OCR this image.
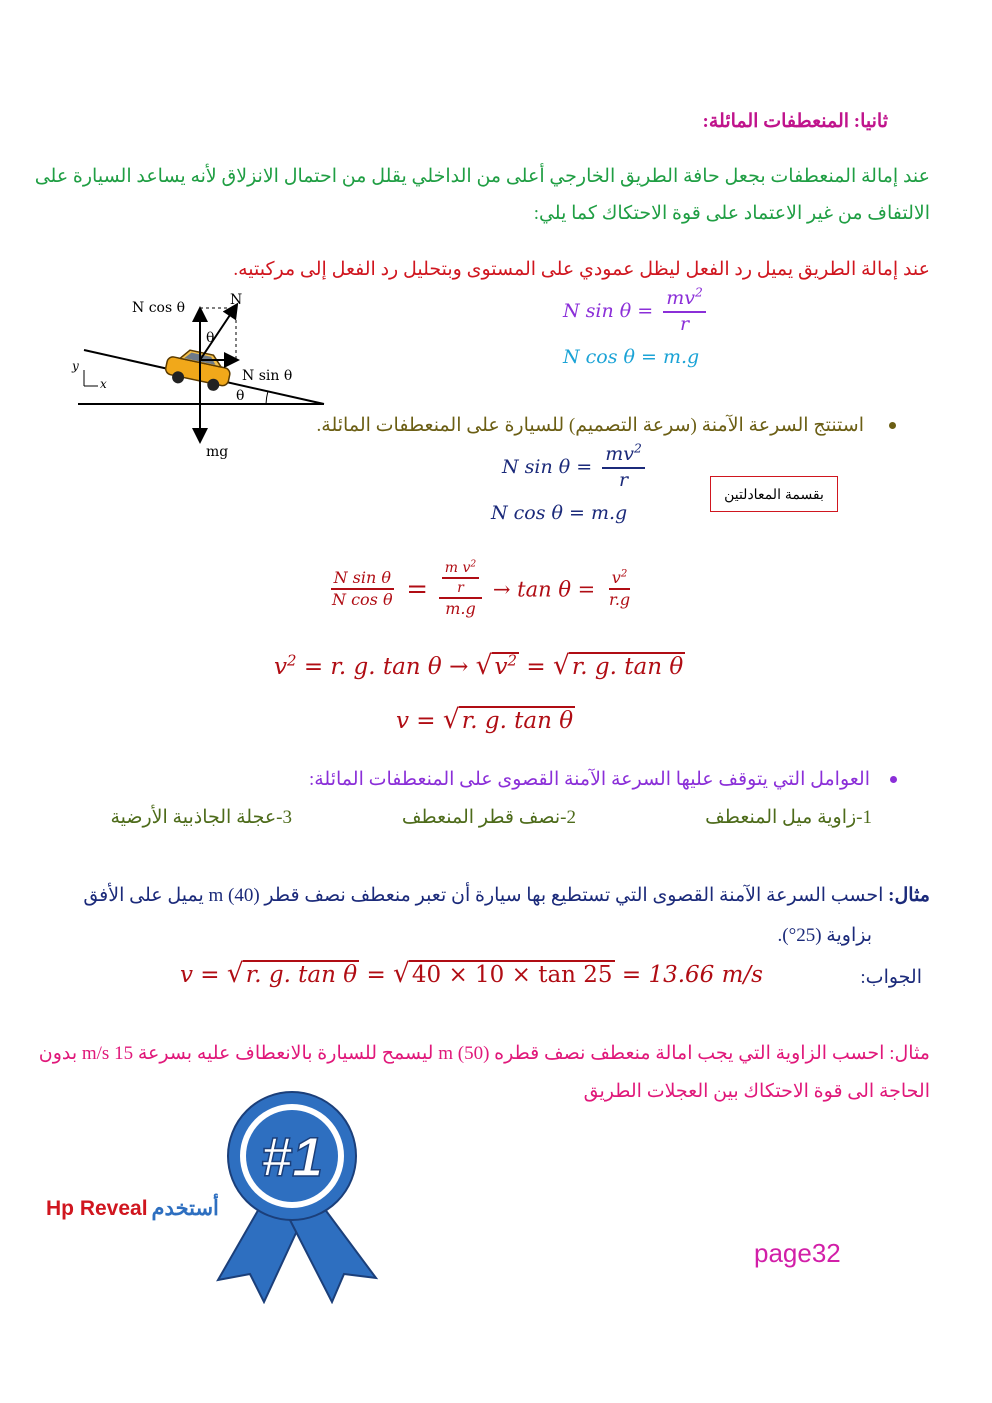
ثانيا: المنعطفات المائلة:
عند إمالة المنعطفات بجعل حافة الطريق الخارجي أعلى من الداخلي يقلل من احتمال الانزلاق لأنه يساعد السيارة على
الالتفاف من غير الاعتماد على قوة الاحتكاك كما يلي:
عند إمالة الطريق يميل رد الفعل ليظل عمودي على المستوى وبتحليل رد الفعل إلى مركبتيه.
θ
N cos θ	N
θ
N sin θ
mg
y
x
N $\sin \theta = \frac{mv^2}{r}$
N cos θ = m.g
استنتج السرعة الآمنة (سرعة التصميم) للسيارة على المنعطفات المائلة.
N $\sin \theta = \frac{mv^2}{r}$
N cos θ = m.g
بقسمة المعادلتين
$\frac{\text{N sin θ}}{\text{N cos θ}} = \frac{\frac{m v^2}{r}}{m.g} \to \tan \theta = \frac{v^2}{r.g}$
$v^2 = r$. g. $\tan \theta \to √v^2 = √r$. g. tan θ
v = √r. g. tan θ
العوامل التي يتوقف عليها السرعة الآمنة القصوى على المنعطفات المائلة:
1-زاوية ميل المنعطف
2-نصف قطر المنعطف
3-عجلة الجاذبية الأرضية
مثال: احسب السرعة الآمنة القصوى التي تستطيع بها سيارة أن تعبر منعطف نصف قطر m (40) يميل على الأفق
بزاوية (25°).
الجواب:
v = √r. g. tan θ = √40 × 10 × tan 25 = 13.66 m/s
مثال: احسب الزاوية التي يجب امالة منعطف نصف قطره m (50) ليسمح للسيارة بالانعطاف عليه بسرعة 15 m/s بدون
الحاجة الى قوة الاحتكاك بين العجلات الطريق
#1
Hp Reveal أستخدم
page32
